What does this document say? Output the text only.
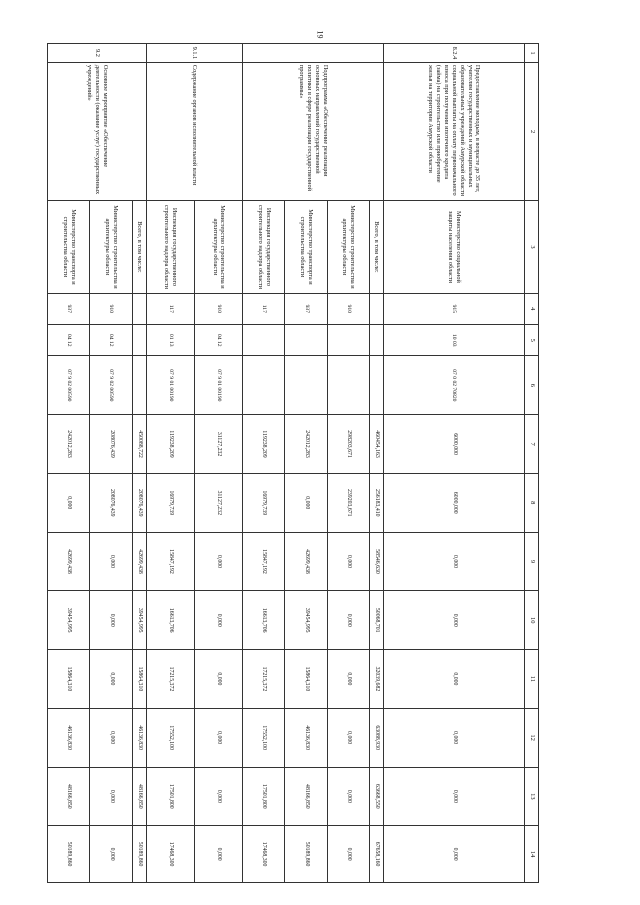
19
1	2	3	4	5	6	7	8	9	10	11	12	13	14
8.2.4	Предоставление молодым, в возрасте до 35 лет, учителям государственных и муниципальных образовательных учреждений Амурской области социальной выплаты на оплату первоначального взноса при получении ипотечного кредита (займа) на строительство или приобретение жилья на территории Амурской области	Министерство социальной защиты населения области	915	10 03	07 0 02 70820	6000,000	6000,000	0,000	0,000	0,000	0,000	0,000	0,000
	Подпрограмма «Обеспечение реализации основных направлений государственной политики в сфере реализации государственной программы»	Всего, в том числе:				460454,163	256183,410	58546,630	50068,701	32039,682	63088,930	63668,550	67658,160
		Министерство строительства и архитектуры области	910			298203,671	239203,671	0,000	0,000	0,000	0,000	0,000	0,000
		Министерство транспорта и строительства области	937			242012,283	0,000	42699,438	39454,995	15864,310	46136,830	48166,850	50189,860
		Инспекция государственного строительного надзора области	117			119238,209	16979,739	15847,192	16613,706	17215,372	17552,100	17501,800	17468,300
9.1.1	Содержание органов исполнительной власти	Министерство строительства и архитектуры области	910	04 12	07 9 01 00190	31127,232	31127,232	0,000	0,000	0,000	0,000	0,000	0,000
		Инспекция государственного строительного надзора области	117	01 13	07 9 01 00190	119238,209	16979,739	15847,192	16613,706	17215,372	17552,100	17501,800	17468,300
9.2	Основное мероприятие «Обеспечение деятельности (оказание услуг) государственных учреждений»	Всего, в том числе:				450088,722	208076,439	42699,438	39454,995	15864,310	46136,830	48166,850	50189,860
		Министерство строительства и архитектуры области	910	04 12	07 9 02 00590	208076,439	208076,439	0,000	0,000	0,000	0,000	0,000	0,000
		Министерство транспорта и строительства области	937	04 12	07 9 02 00590	242012,283	0,000	42699,438	39454,995	15864,310	46136,830	48166,850	50189,860
